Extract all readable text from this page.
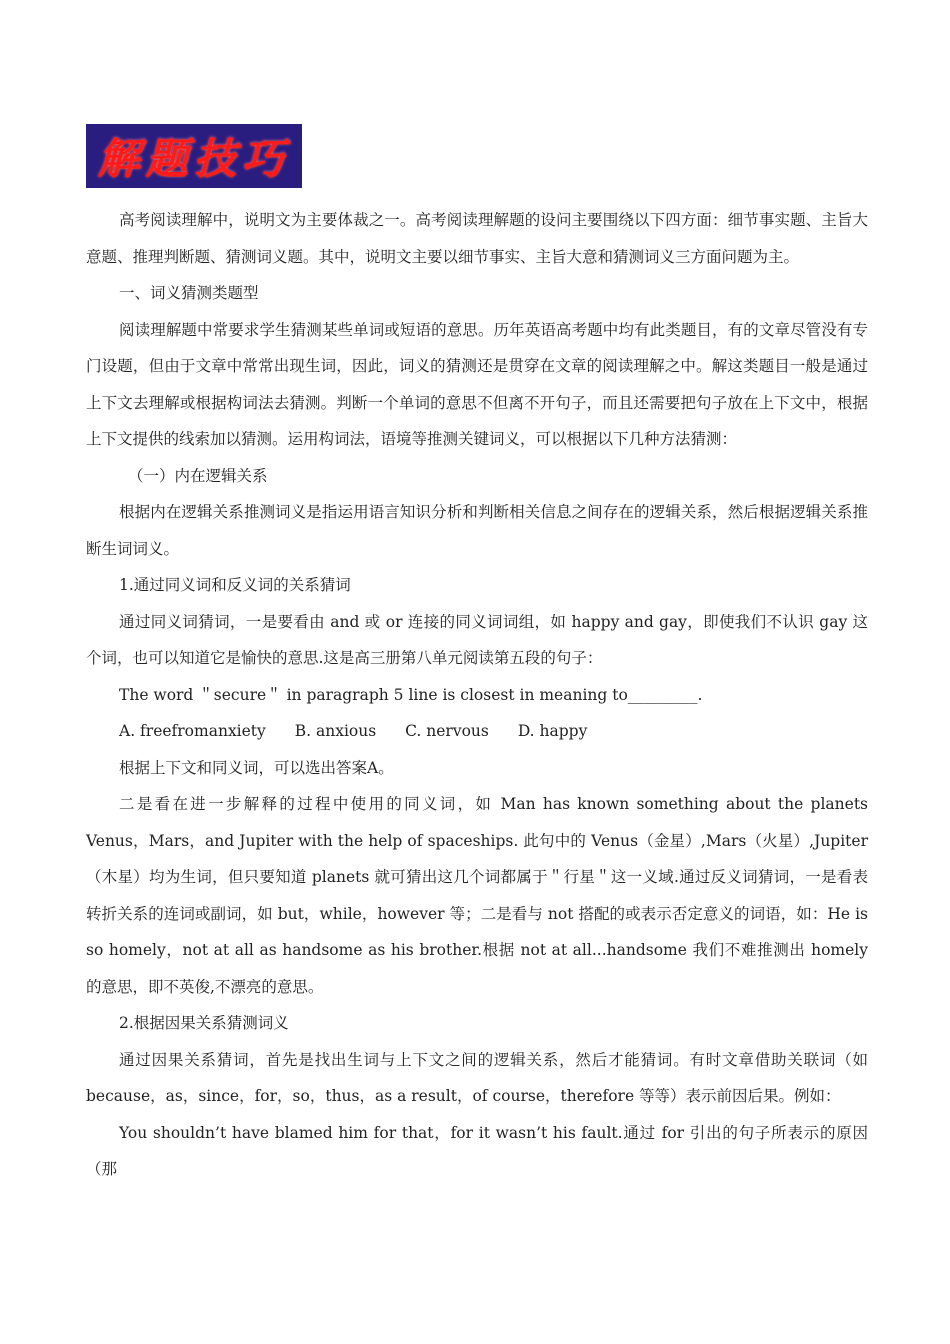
解题技巧

高考阅读理解中，说明文为主要体裁之一。高考阅读理解题的设问主要围绕以下四方面：细节事实题、主旨大意题、推理判断题、猜测词义题。其中，说明文主要以细节事实、主旨大意和猜测词义三方面问题为主。

一、词义猜测类题型

阅读理解题中常要求学生猜测某些单词或短语的意思。历年英语高考题中均有此类题目，有的文章尽管没有专门设题，但由于文章中常常出现生词，因此，词义的猜测还是贯穿在文章的阅读理解之中。解这类题目一般是通过上下文去理解或根据构词法去猜测。判断一个单词的意思不但离不开句子，而且还需要把句子放在上下文中，根据上下文提供的线索加以猜测。运用构词法，语境等推测关键词义，可以根据以下几种方法猜测：

（一）内在逻辑关系

根据内在逻辑关系推测词义是指运用语言知识分析和判断相关信息之间存在的逻辑关系，然后根据逻辑关系推断生词词义。

1.通过同义词和反义词的关系猜词

通过同义词猜词，一是要看由 and 或 or 连接的同义词词组，如 happy and gay，即使我们不认识 gay 这个词，也可以知道它是愉快的意思.这是高三册第八单元阅读第五段的句子：

The word ＂secure＂ in paragraph 5 line is closest in meaning to_________.

A. freefromanxiety B. anxious C. nervous D. happy

根据上下文和同义词，可以选出答案A。

二是看在进一步解释的过程中使用的同义词，如 Man has known something about the planets Venus，Mars，and Jupiter with the help of spaceships. 此句中的 Venus（金星）,Mars（火星）,Jupiter（木星）均为生词，但只要知道 planets 就可猜出这几个词都属于＂行星＂这一义域.通过反义词猜词，一是看表转折关系的连词或副词，如 but，while，however 等；二是看与 not 搭配的或表示否定意义的词语，如：He is so homely，not at all as handsome as his brother.根据 not at all...handsome 我们不难推测出 homely 的意思，即不英俊,不漂亮的意思。

2.根据因果关系猜测词义

通过因果关系猜词，首先是找出生词与上下文之间的逻辑关系，然后才能猜词。有时文章借助关联词（如 because，as，since，for，so，thus，as a result，of course，therefore 等等）表示前因后果。例如：

You shouldn’t have blamed him for that，for it wasn’t his fault.通过 for 引出的句子所表示的原因（那
